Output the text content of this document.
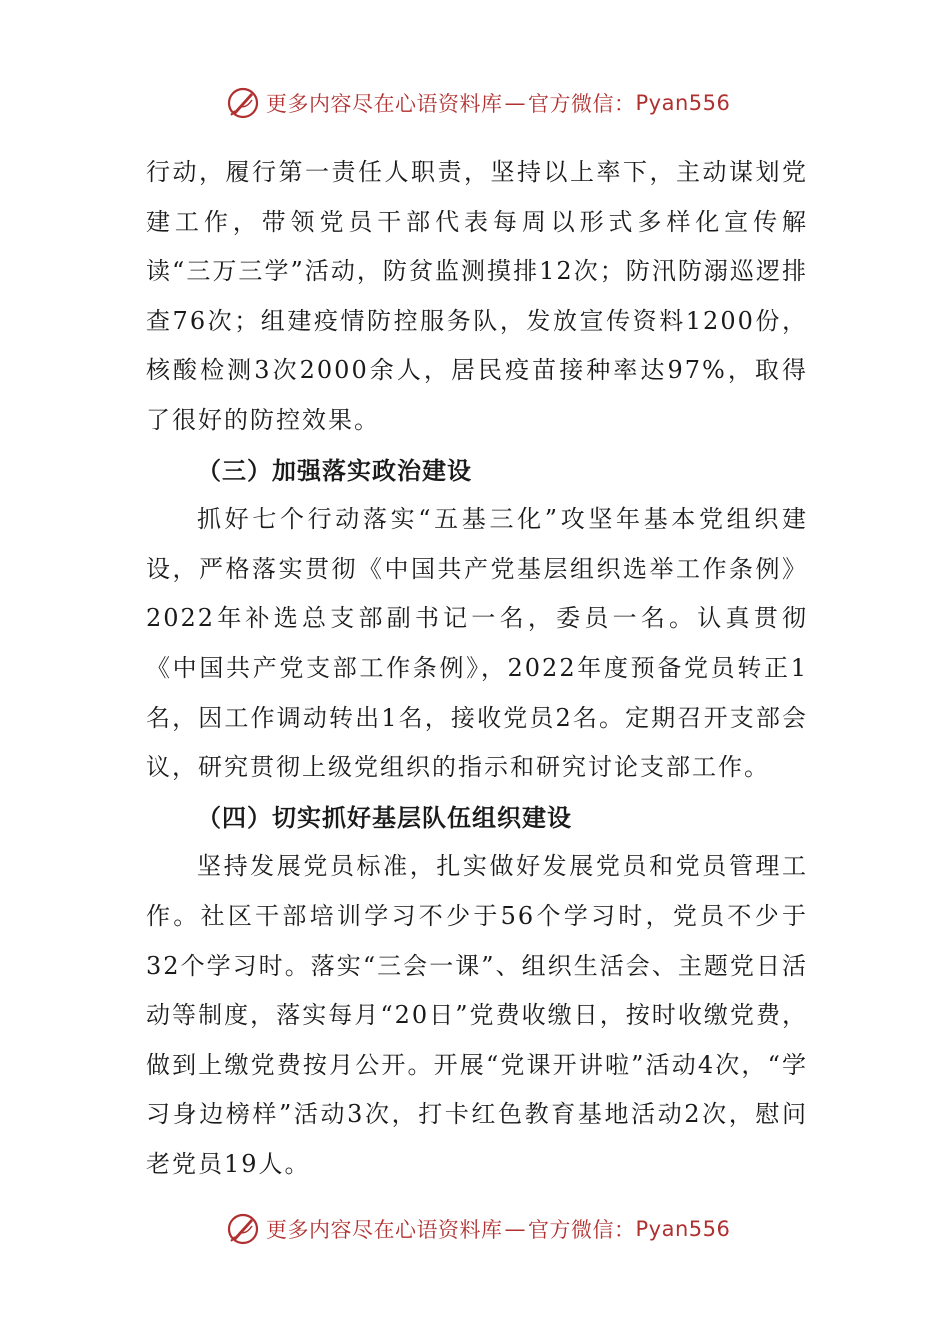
更多内容尽在心语资料库 — 官方微信： Pyan556

行动，履行第一责任人职责，坚持以上率下，主动谋划党建工作，带领党员干部代表每周以形式多样化宣传解读“三万三学”活动，防贫监测摸排12次；防汛防溺巡逻排查76次；组建疫情防控服务队，发放宣传资料1200份，核酸检测3次2000余人，居民疫苗接种率达97%，取得了很好的防控效果。

（三）加强落实政治建设

抓好七个行动落实“五基三化”攻坚年基本党组织建设，严格落实贯彻《中国共产党基层组织选举工作条例》2022年补选总支部副书记一名，委员一名。认真贯彻《中国共产党支部工作条例》，2022年度预备党员转正1名，因工作调动转出1名，接收党员2名。定期召开支部会议，研究贯彻上级党组织的指示和研究讨论支部工作。

（四）切实抓好基层队伍组织建设

坚持发展党员标准，扎实做好发展党员和党员管理工作。社区干部培训学习不少于56个学习时，党员不少于32个学习时。落实“三会一课”、组织生活会、主题党日活动等制度，落实每月“20日”党费收缴日，按时收缴党费，做到上缴党费按月公开。开展“党课开讲啦”活动4次，“学习身边榜样”活动3次，打卡红色教育基地活动2次，慰问老党员19人。

更多内容尽在心语资料库 — 官方微信： Pyan556
